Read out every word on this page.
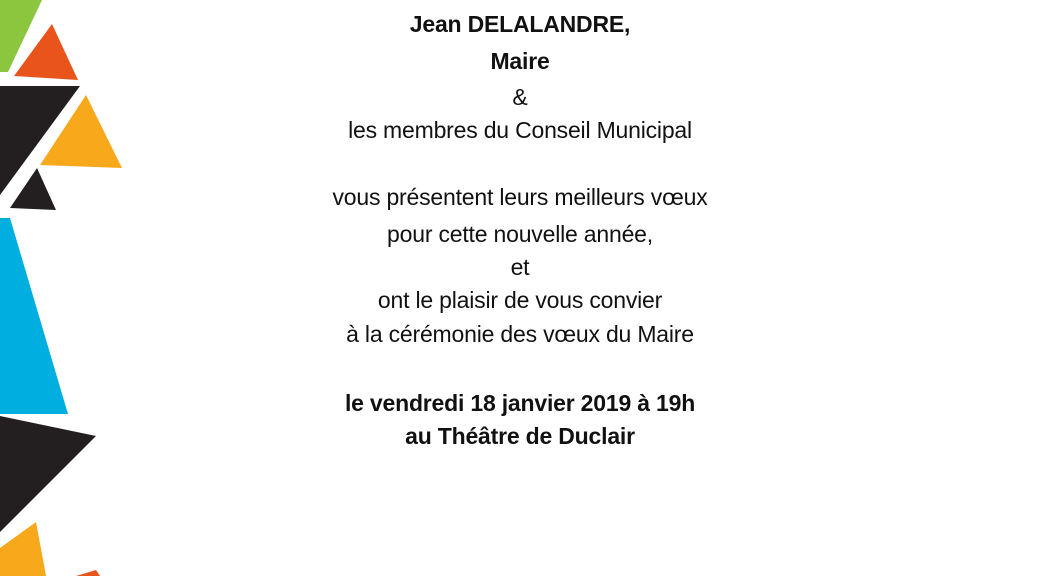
Jean DELALANDRE,
Maire
&
les membres du Conseil Municipal
vous présentent leurs meilleurs vœux
pour cette nouvelle année,
et
ont le plaisir de vous convier
à la cérémonie des vœux du Maire
le vendredi 18 janvier 2019 à 19h
au Théâtre de Duclair
